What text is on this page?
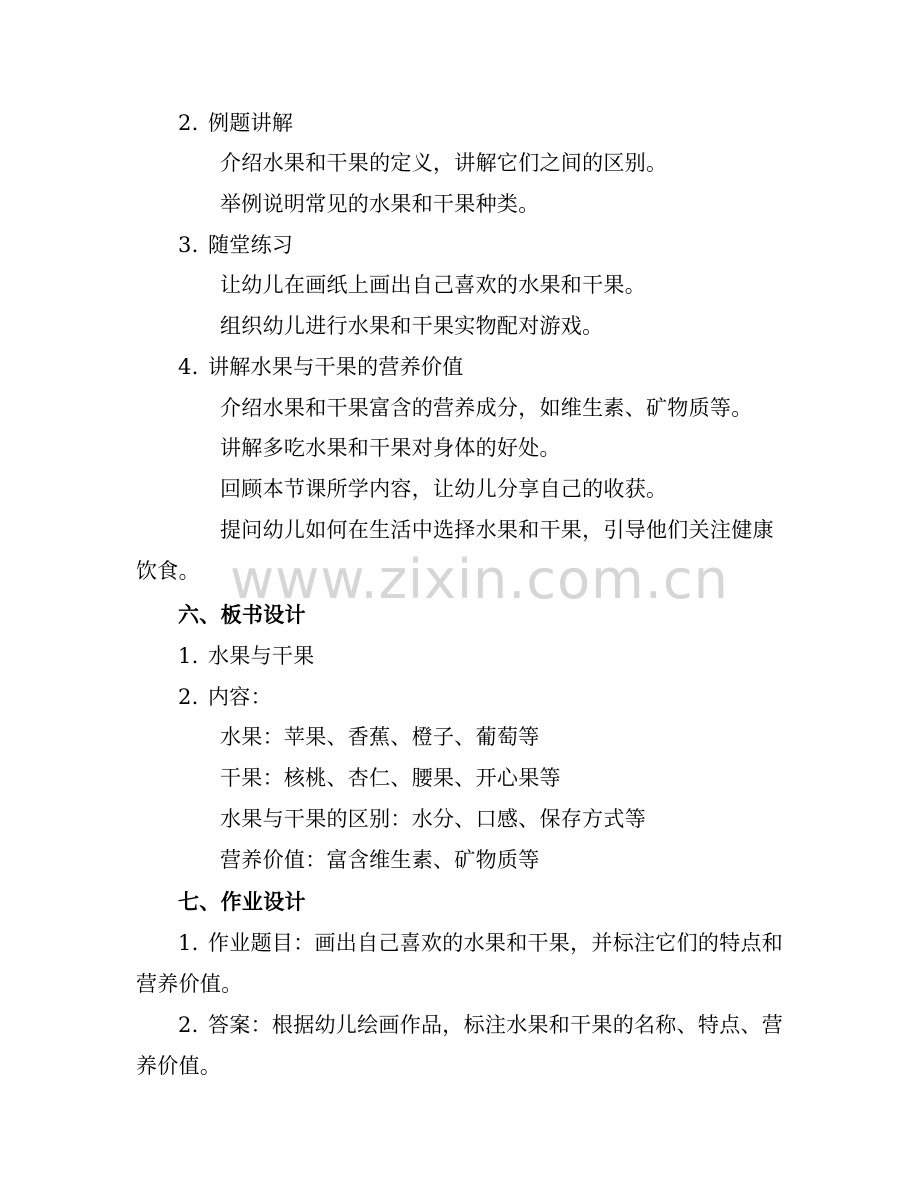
2. 例题讲解
介绍水果和干果的定义，讲解它们之间的区别。
举例说明常见的水果和干果种类。
3. 随堂练习
让幼儿在画纸上画出自己喜欢的水果和干果。
组织幼儿进行水果和干果实物配对游戏。
4. 讲解水果与干果的营养价值
介绍水果和干果富含的营养成分，如维生素、矿物质等。
讲解多吃水果和干果对身体的好处。
回顾本节课所学内容，让幼儿分享自己的收获。
提问幼儿如何在生活中选择水果和干果，引导他们关注健康
饮食。 www.zixin.com.cn
六、板书设计
1. 水果与干果
2. 内容：
水果：苹果、香蕉、橙子、葡萄等
干果：核桃、杏仁、腰果、开心果等
水果与干果的区别：水分、口感、保存方式等
营养价值：富含维生素、矿物质等
七、作业设计
1. 作业题目：画出自己喜欢的水果和干果，并标注它们的特点和
营养价值。
2. 答案：根据幼儿绘画作品，标注水果和干果的名称、特点、营
养价值。
